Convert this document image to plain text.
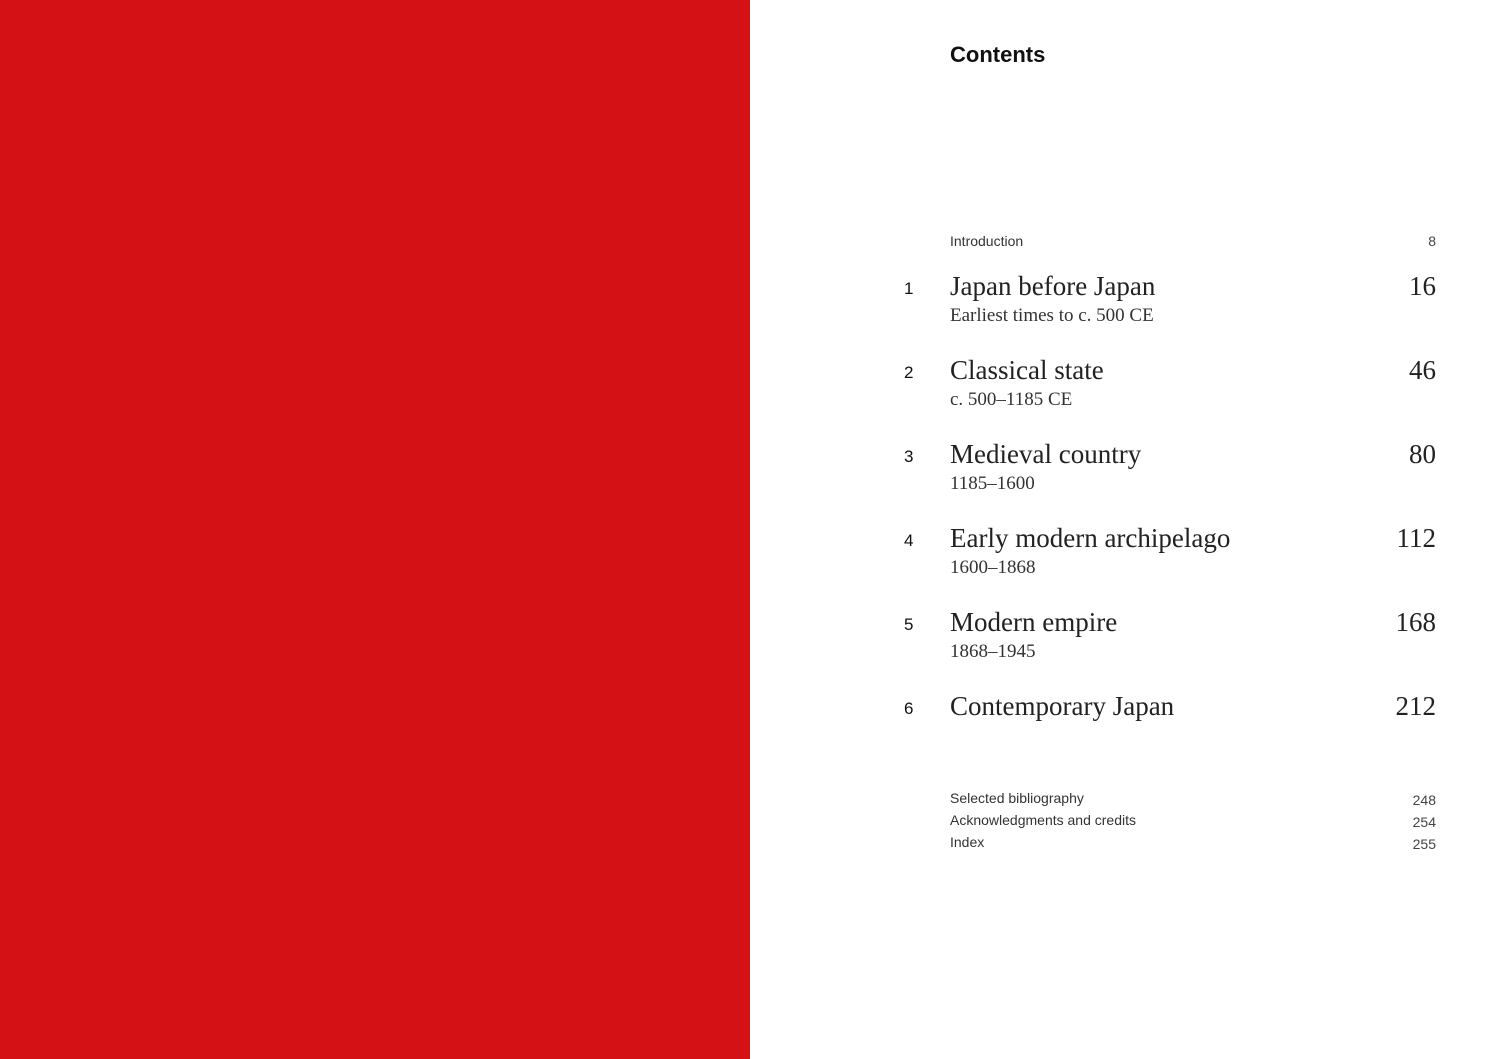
Contents
Introduction	8
1 Japan before Japan	16
Earliest times to c. 500 CE
2 Classical state	46
c. 500–1185 CE
3 Medieval country	80
1185–1600
4 Early modern archipelago	112
1600–1868
5 Modern empire	168
1868–1945
6 Contemporary Japan	212
Selected bibliography	248
Acknowledgments and credits	254
Index	255
